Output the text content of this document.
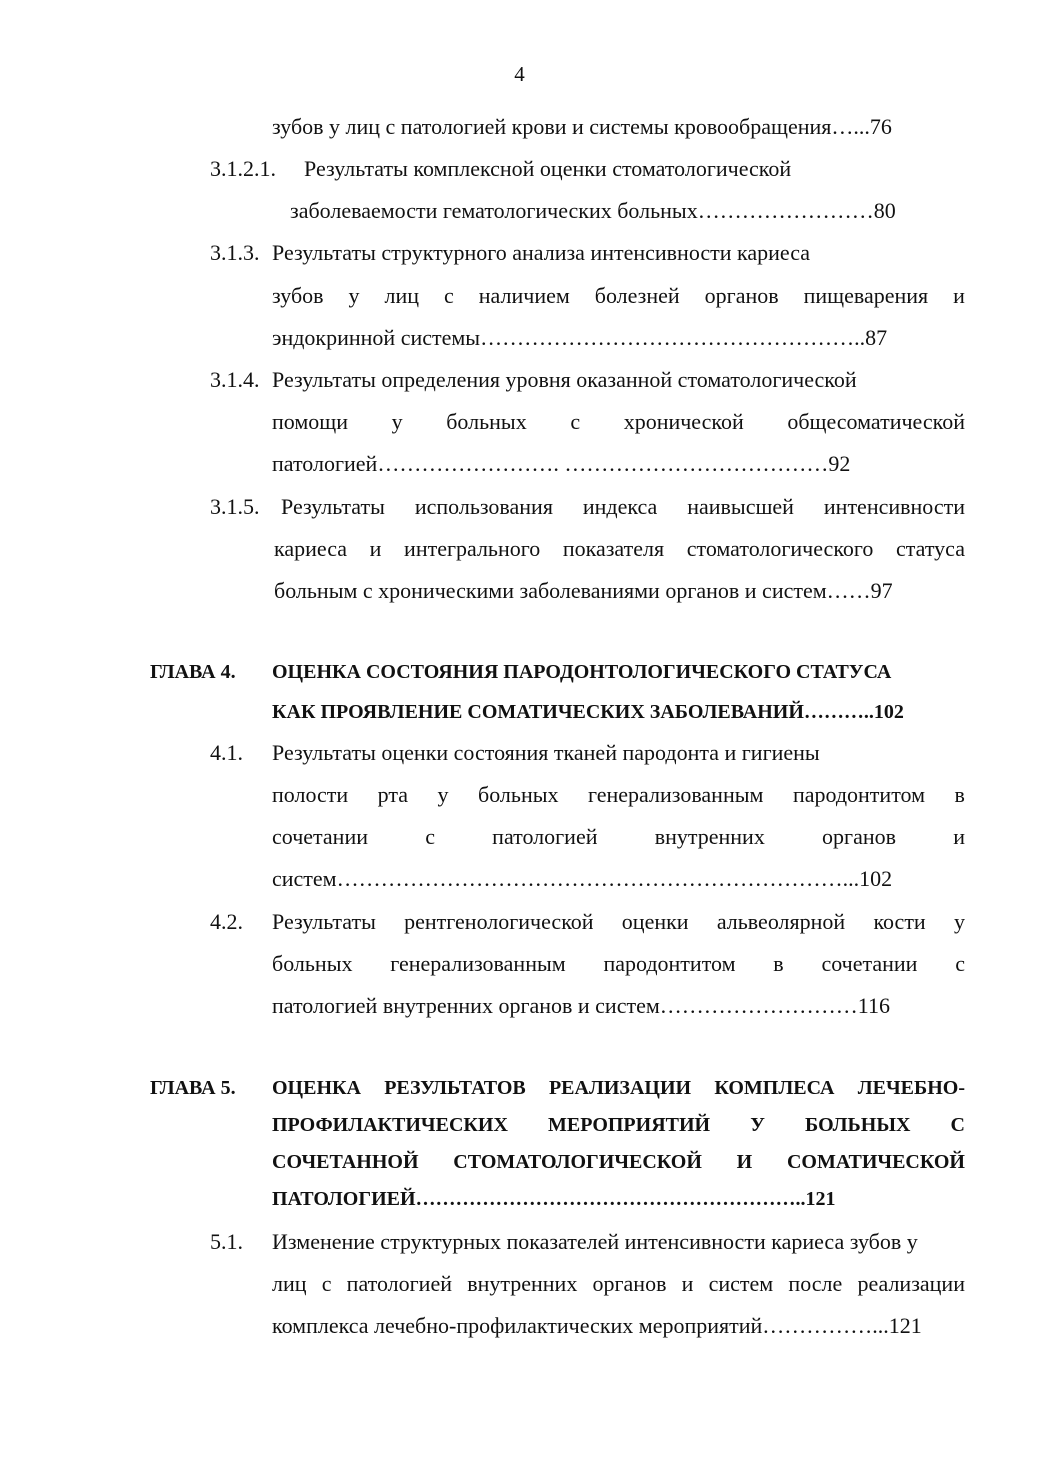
4
зубов у лиц с патологией крови и системы кровообращения…...76
3.1.2.1. Результаты комплексной оценки стоматологической
заболеваемости гематологических больных……………………80
3.1.3. Результаты структурного анализа интенсивности кариеса
зубов у лиц с наличием болезней органов пищеварения и
эндокринной системы……………………………………………..87
3.1.4. Результаты определения уровня оказанной стоматологической
помощи у больных с хронической общесоматической
патологией……………………. ………………………………92
3.1.5. Результаты использования индекса наивысшей интенсивности
кариеса и интегрального показателя стоматологического статуса
больным с хроническими заболеваниями органов и систем……97
ГЛАВА 4. ОЦЕНКА СОСТОЯНИЯ ПАРОДОНТОЛОГИЧЕСКОГО СТАТУСА
КАК ПРОЯВЛЕНИЕ СОМАТИЧЕСКИХ ЗАБОЛЕВАНИЙ………..102
4.1. Результаты оценки состояния тканей пародонта и гигиены
полости рта у больных генерализованным пародонтитом в
сочетании	с	патологией	внутренних	органов	и
систем……………………………………………………………...102
4.2. Результаты рентгенологической оценки альвеолярной кости у
больных генерализованным пародонтитом в сочетании с
патологией внутренних органов и систем………………………116
ГЛАВА 5. ОЦЕНКА РЕЗУЛЬТАТОВ РЕАЛИЗАЦИИ КОМПЛЕСА ЛЕЧЕБНО-
ПРОФИЛАКТИЧЕСКИХ МЕРОПРИЯТИЙ У БОЛЬНЫХ С
СОЧЕТАННОЙ СТОМАТОЛОГИЧЕСКОЙ И СОМАТИЧЕСКОЙ
ПАТОЛОГИЕЙ…………………………………………………..121
5.1. Изменение структурных показателей интенсивности кариеса зубов у
лиц с патологией внутренних органов и систем после реализации
комплекса лечебно-профилактических мероприятий……………...121
